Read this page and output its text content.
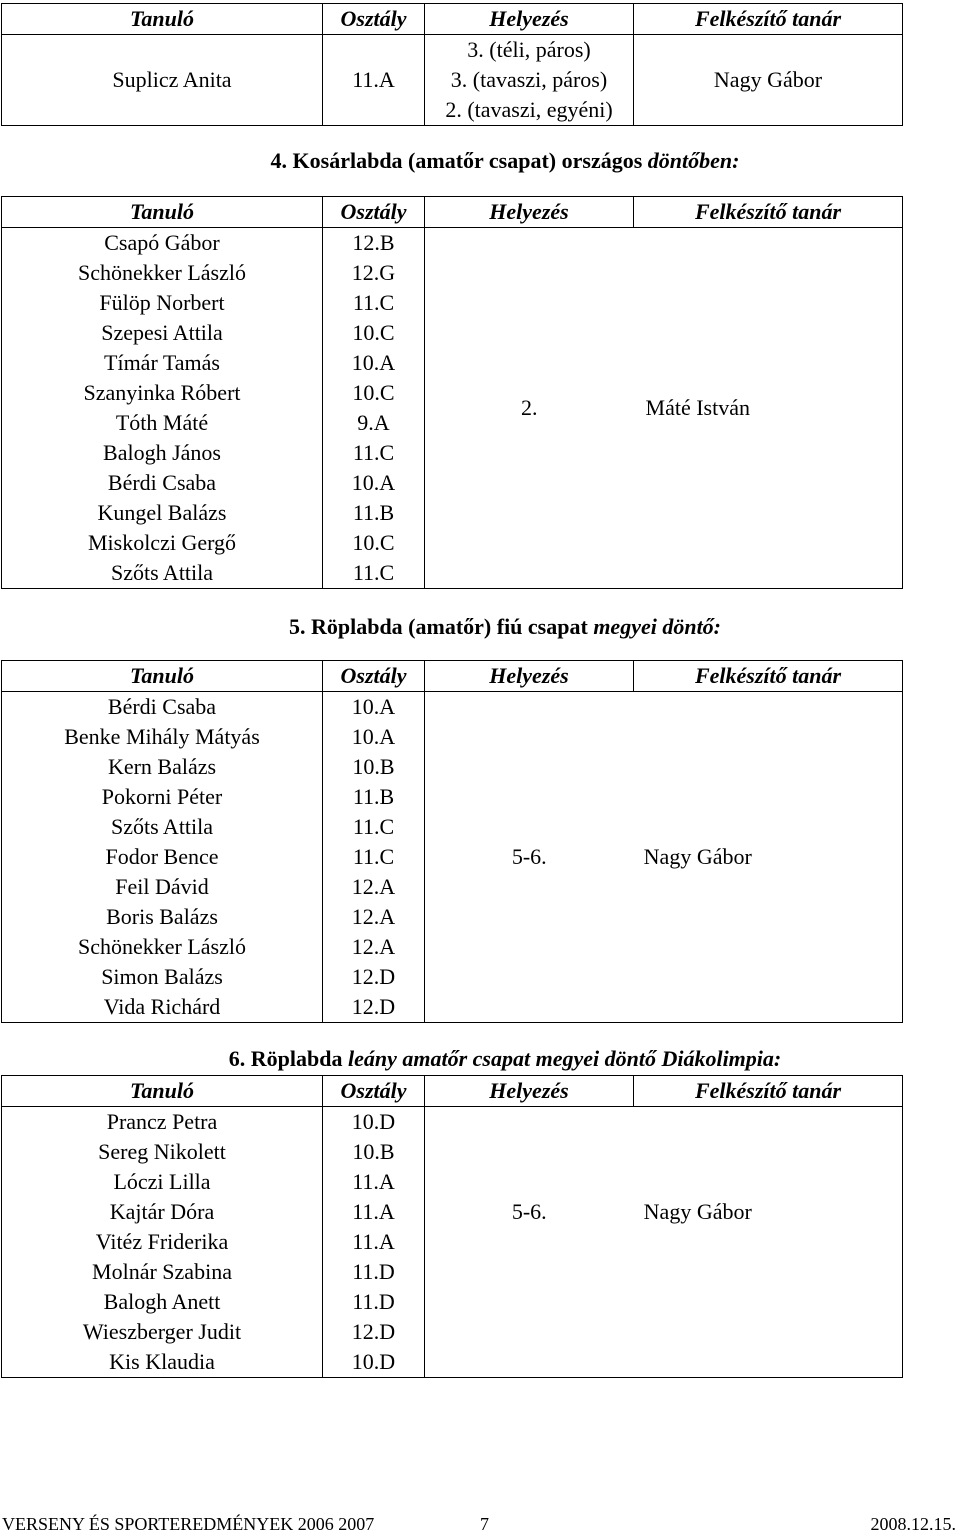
Tanuló	Osztály	Helyezés	Felkészítő tanár
Suplicz Anita	11.A	3. (téli, páros)
3. (tavaszi, páros)
2. (tavaszi, egyéni)	Nagy Gábor
4. Kosárlabda (amatőr csapat) országos döntőben:
Tanuló	Osztály	Helyezés	Felkészítő tanár
Csapó Gábor	12.B	2.	Máté István
Schönekker László	12.G		
Fülöp Norbert	11.C		
Szepesi Attila	10.C		
Tímár Tamás	10.A		
Szanyinka Róbert	10.C		
Tóth Máté	9.A		
Balogh János	11.C		
Bérdi Csaba	10.A		
Kungel Balázs	11.B		
Miskolczi Gergő	10.C		
Szőts Attila	11.C		
5. Röplabda (amatőr) fiú csapat megyei döntő:
Tanuló	Osztály	Helyezés	Felkészítő tanár
Bérdi Csaba	10.A	5-6.	Nagy Gábor
Benke Mihály Mátyás	10.A		
Kern Balázs	10.B		
Pokorni Péter	11.B		
Szőts Attila	11.C		
Fodor Bence	11.C		
Feil Dávid	12.A		
Boris Balázs	12.A		
Schönekker László	12.A		
Simon Balázs	12.D		
Vida Richárd	12.D		
6. Röplabda leány amatőr csapat megyei döntő Diákolimpia:
Tanuló	Osztály	Helyezés	Felkészítő tanár
Prancz Petra	10.D	5-6.	Nagy Gábor
Sereg Nikolett	10.B		
Lóczi Lilla	11.A		
Kajtár Dóra	11.A		
Vitéz Friderika	11.A		
Molnár Szabina	11.D		
Balogh Anett	11.D		
Wieszberger Judit	12.D		
Kis Klaudia	10.D		
VERSENY ÉS SPORTEREDMÉNYEK 2006 2007	7	2008.12.15.
